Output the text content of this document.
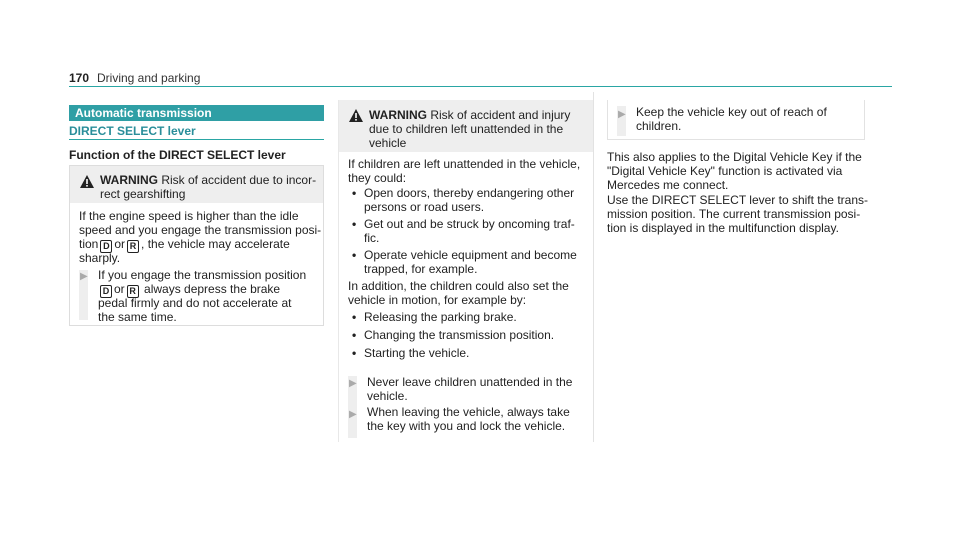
170 Driving and parking
Automatic transmission
DIRECT SELECT lever
Function of the DIRECT SELECT lever
WARNING Risk of accident due to incor-
rect gearshifting
If the engine speed is higher than the idle
speed and you engage the transmission posi-
tion D or R , the vehicle may accelerate
sharply.
▶ If you engage the transmission position
D or R always depress the brake
pedal firmly and do not accelerate at
the same time.
WARNING Risk of accident and injury
due to children left unattended in the
vehicle
If children are left unattended in the vehicle,
they could:
• Open doors, thereby endangering other
persons or road users.
• Get out and be struck by oncoming traf-
fic.
• Operate vehicle equipment and become
trapped, for example.
In addition, the children could also set the
vehicle in motion, for example by:
• Releasing the parking brake.
• Changing the transmission position.
• Starting the vehicle.
▶ Never leave children unattended in the
vehicle.
▶ When leaving the vehicle, always take
the key with you and lock the vehicle.
▶ Keep the vehicle key out of reach of
children.
This also applies to the Digital Vehicle Key if the
"Digital Vehicle Key" function is activated via
Mercedes me connect.
Use the DIRECT SELECT lever to shift the trans-
mission position. The current transmission posi-
tion is displayed in the multifunction display.
